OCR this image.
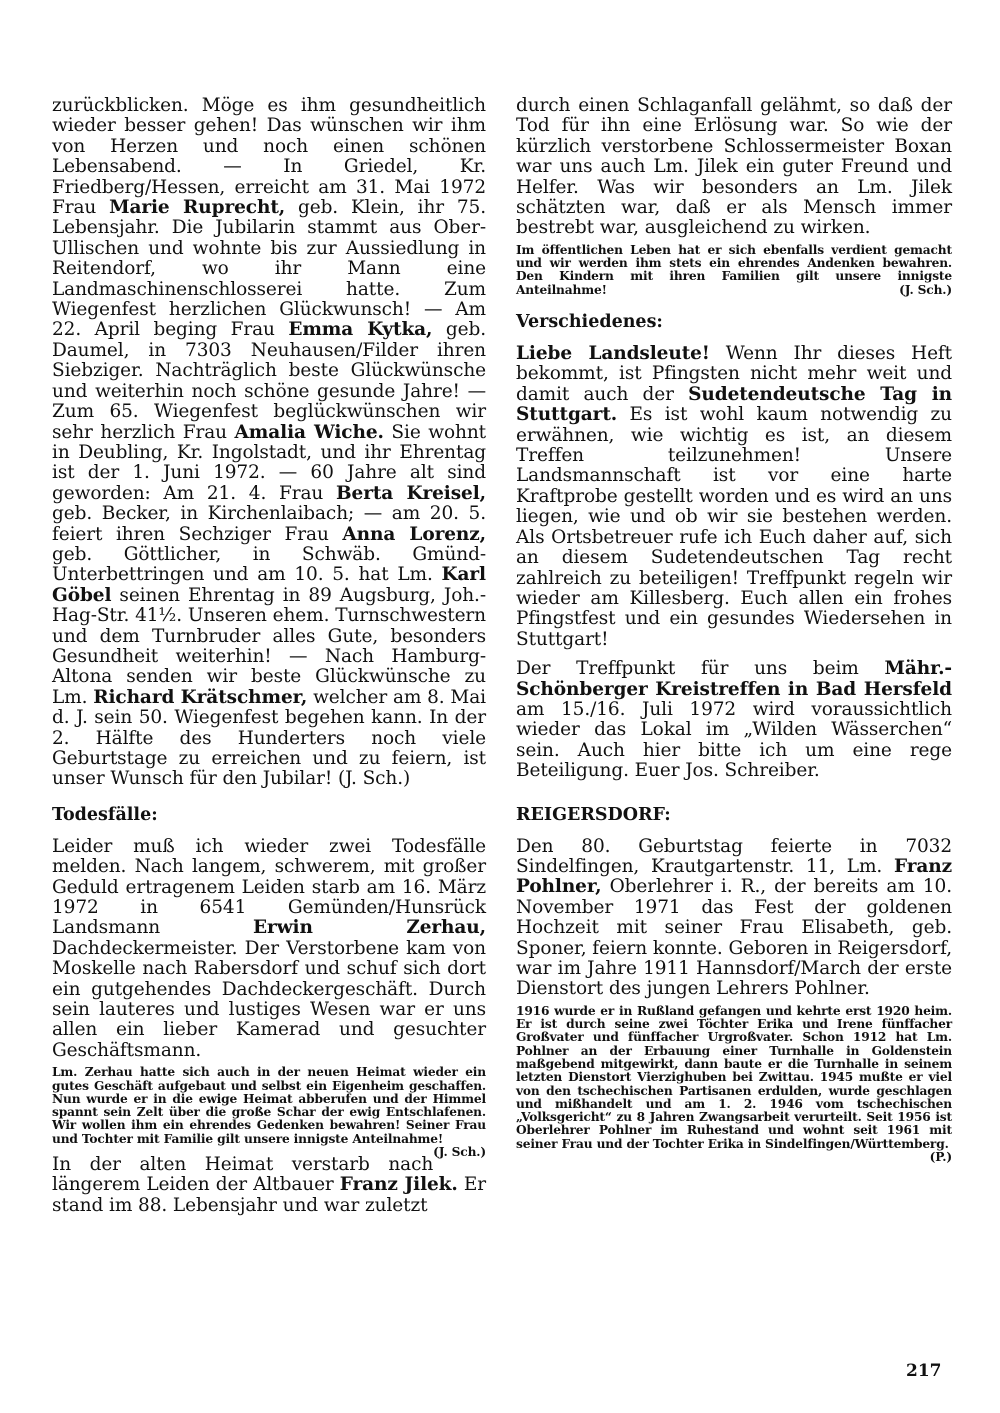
zurückblicken. Möge es ihm gesundheitlich wieder besser gehen! Das wünschen wir ihm von Herzen und noch einen schönen Lebensabend. — In Griedel, Kr. Friedberg/Hessen, erreicht am 31. Mai 1972 Frau Marie Ruprecht, geb. Klein, ihr 75. Lebensjahr. Die Jubilarin stammt aus Ober-Ullischen und wohnte bis zur Aussiedlung in Reitendorf, wo ihr Mann eine Landmaschinenschlosserei hatte. Zum Wiegenfest herzlichen Glückwunsch! — Am 22. April beging Frau Emma Kytka, geb. Daumel, in 7303 Neuhausen/Filder ihren Siebziger. Nachträglich beste Glückwünsche und weiterhin noch schöne gesunde Jahre! — Zum 65. Wiegenfest beglückwünschen wir sehr herzlich Frau Amalia Wiche. Sie wohnt in Deubling, Kr. Ingolstadt, und ihr Ehrentag ist der 1. Juni 1972. — 60 Jahre alt sind geworden: Am 21. 4. Frau Berta Kreisel, geb. Becker, in Kirchenlaibach; — am 20. 5. feiert ihren Sechziger Frau Anna Lorenz, geb. Göttlicher, in Schwäb. Gmünd-Unterbettringen und am 10. 5. hat Lm. Karl Göbel seinen Ehrentag in 89 Augsburg, Joh.- Hag-Str. 41½. Unseren ehem. Turnschwestern und dem Turnbruder alles Gute, besonders Gesundheit weiterhin! — Nach Hamburg-Altona senden wir beste Glückwünsche zu Lm. Richard Krätschmer, welcher am 8. Mai d. J. sein 50. Wiegenfest begehen kann. In der 2. Hälfte des Hunderters noch viele Geburtstage zu erreichen und zu feiern, ist unser Wunsch für den Jubilar! (J. Sch.)

Todesfälle:

Leider muß ich wieder zwei Todesfälle melden. Nach langem, schwerem, mit großer Geduld ertragenem Leiden starb am 16. März 1972 in 6541 Gemünden/Hunsrück Landsmann Erwin Zerhau, Dachdeckermeister. Der Verstorbene kam von Moskelle nach Rabersdorf und schuf sich dort ein gutgehendes Dachdeckergeschäft. Durch sein lauteres und lustiges Wesen war er uns allen ein lieber Kamerad und gesuchter Geschäftsmann.

Lm. Zerhau hatte sich auch in der neuen Heimat wieder ein gutes Geschäft aufgebaut und selbst ein Eigenheim geschaffen. Nun wurde er in die ewige Heimat abberufen und der Himmel spannt sein Zelt über die große Schar der ewig Entschlafenen. Wir wollen ihm ein ehrendes Gedenken bewahren! Seiner Frau und Tochter mit Familie gilt unsere innigste Anteilnahme!
(J. Sch.)

In der alten Heimat verstarb nach längerem Leiden der Altbauer Franz Jilek. Er stand im 88. Lebensjahr und war zuletzt

durch einen Schlaganfall gelähmt, so daß der Tod für ihn eine Erlösung war. So wie der kürzlich verstorbene Schlossermeister Boxan war uns auch Lm. Jilek ein guter Freund und Helfer. Was wir besonders an Lm. Jilek schätzten war, daß er als Mensch immer bestrebt war, ausgleichend zu wirken.

Im öffentlichen Leben hat er sich ebenfalls verdient gemacht und wir werden ihm stets ein ehrendes Andenken bewahren. Den Kindern mit ihren Familien gilt unsere innigste Anteilnahme!	(J. Sch.)

Verschiedenes:

Liebe Landsleute! Wenn Ihr dieses Heft bekommt, ist Pfingsten nicht mehr weit und damit auch der Sudetendeutsche Tag in Stuttgart. Es ist wohl kaum notwendig zu erwähnen, wie wichtig es ist, an diesem Treffen teilzunehmen! Unsere Landsmannschaft ist vor eine harte Kraftprobe gestellt worden und es wird an uns liegen, wie und ob wir sie bestehen werden. Als Ortsbetreuer rufe ich Euch daher auf, sich an diesem Sudetendeutschen Tag recht zahlreich zu beteiligen! Treffpunkt regeln wir wieder am Killesberg. Euch allen ein frohes Pfingstfest und ein gesundes Wiedersehen in Stuttgart!

Der Treffpunkt für uns beim Mähr.-Schönberger Kreistreffen in Bad Hersfeld am 15./16. Juli 1972 wird voraussichtlich wieder das Lokal im „Wilden Wässerchen“ sein. Auch hier bitte ich um eine rege Beteiligung. Euer Jos. Schreiber.

REIGERSDORF:

Den 80. Geburtstag feierte in 7032 Sindelfingen, Krautgartenstr. 11, Lm. Franz Pohlner, Oberlehrer i. R., der bereits am 10. November 1971 das Fest der goldenen Hochzeit mit seiner Frau Elisabeth, geb. Sponer, feiern konnte. Geboren in Reigersdorf, war im Jahre 1911 Hannsdorf/March der erste Dienstort des jungen Lehrers Pohlner.

1916 wurde er in Rußland gefangen und kehrte erst 1920 heim. Er ist durch seine zwei Töchter Erika und Irene fünffacher Großvater und fünffacher Urgroßvater. Schon 1912 hat Lm. Pohlner an der Erbauung einer Turnhalle in Goldenstein maßgebend mitgewirkt, dann baute er die Turnhalle in seinem letzten Dienstort Vierzighuben bei Zwittau. 1945 mußte er viel von den tschechischen Partisanen erdulden, wurde geschlagen und mißhandelt und am 1. 2. 1946 vom tschechischen „Volksgericht“ zu 8 Jahren Zwangsarbeit verurteilt. Seit 1956 ist Oberlehrer Pohlner im Ruhestand und wohnt seit 1961 mit seiner Frau und der Tochter Erika in Sindelfingen/Württemberg.
(P.)

217
